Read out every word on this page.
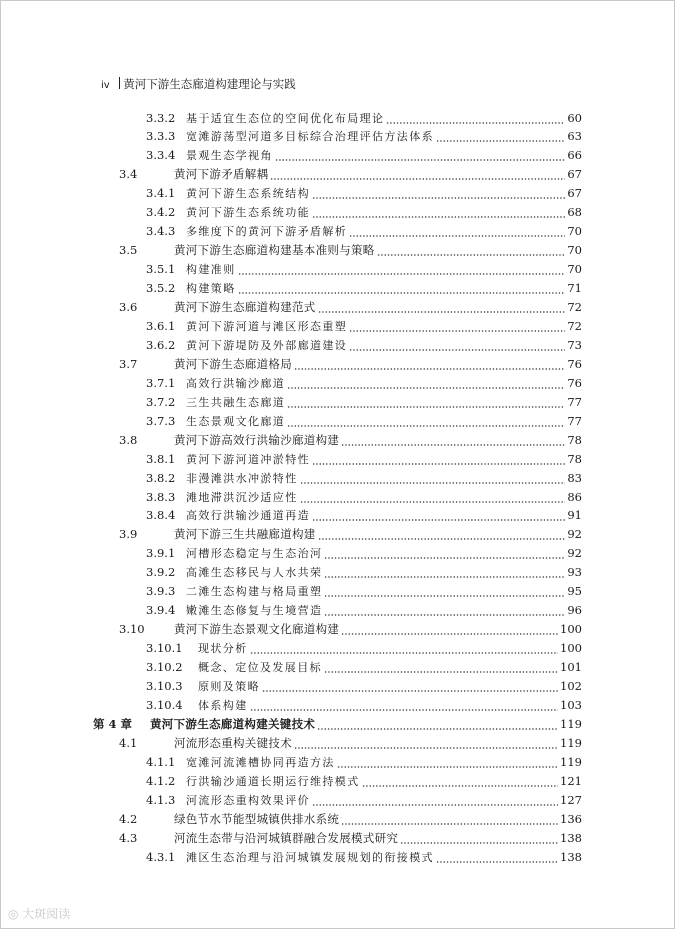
iv 黄河下游生态廊道构建理论与实践
3.3.2 基于适宜生态位的空间优化布局理论	60
3.3.3 宽滩游荡型河道多目标综合治理评估方法体系	63
3.3.4 景观生态学视角	66
3.4	黄河下游矛盾解耦	67
3.4.1 黄河下游生态系统结构	67
3.4.2 黄河下游生态系统功能	68
3.4.3 多维度下的黄河下游矛盾解析	70
3.5	黄河下游生态廊道构建基本准则与策略	70
3.5.1 构建准则	70
3.5.2 构建策略	71
3.6	黄河下游生态廊道构建范式	72
3.6.1 黄河下游河道与滩区形态重塑	72
3.6.2 黄河下游堤防及外部廊道建设	73
3.7	黄河下游生态廊道格局	76
3.7.1 高效行洪输沙廊道	76
3.7.2 三生共融生态廊道	77
3.7.3 生态景观文化廊道	77
3.8	黄河下游高效行洪输沙廊道构建	78
3.8.1 黄河下游河道冲淤特性	78
3.8.2 非漫滩洪水冲淤特性	83
3.8.3 滩地滞洪沉沙适应性	86
3.8.4 高效行洪输沙通道再造	91
3.9	黄河下游三生共融廊道构建	92
3.9.1 河槽形态稳定与生态治河	92
3.9.2 高滩生态移民与人水共荣	93
3.9.3 二滩生态构建与格局重塑	95
3.9.4 嫩滩生态修复与生境营造	96
3.10	黄河下游生态景观文化廊道构建	100
3.10.1	现状分析	100
3.10.2	概念、定位及发展目标	101
3.10.3	原则及策略	102
3.10.4	体系构建	103
第 4 章	黄河下游生态廊道构建关键技术	119
4.1	河流形态重构关键技术	119
4.1.1 宽滩河流滩槽协同再造方法	119
4.1.2 行洪输沙通道长期运行维持模式	121
4.1.3 河流形态重构效果评价	127
4.2	绿色节水节能型城镇供排水系统	136
4.3	河流生态带与沿河城镇群融合发展模式研究	138
4.3.1 滩区生态治理与沿河城镇发展规划的衔接模式	138
◎ 大斑阅读
